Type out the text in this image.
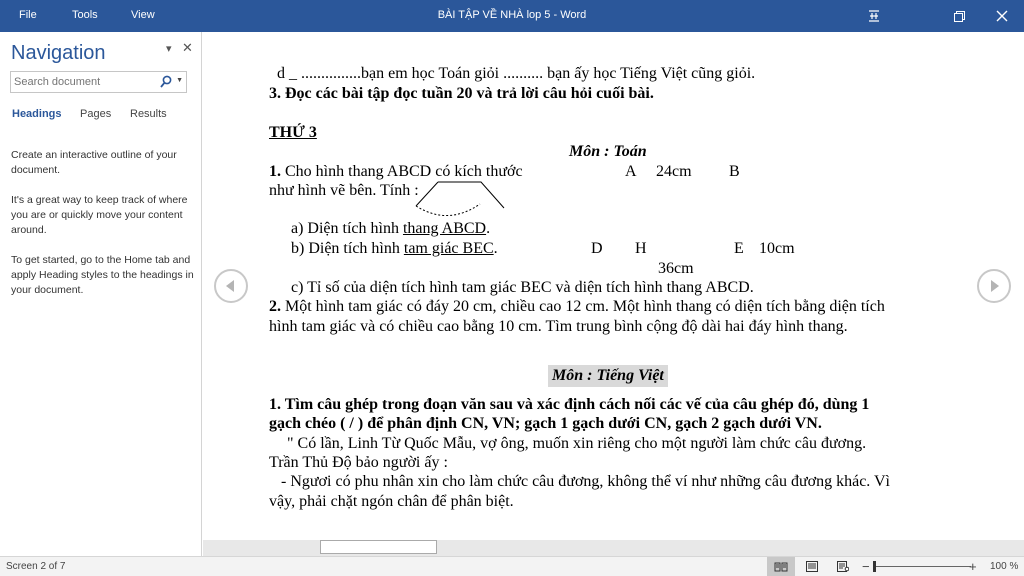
File	Tools	View	BÀI TẬP VỀ NHÀ lop 5 - Word
Navigation	▾ ✕
Search document
▼
Headings Pages Results
Create an interactive outline of your document.
It's a great way to keep track of where you are or quickly move your content around.
To get started, go to the Home tab and apply Heading styles to the headings in your document.
d _ ...............bạn em học Toán giỏi .......... bạn ấy học Tiếng Việt cũng giỏi.
3. Đọc các bài tập đọc tuần 20 và trả lời câu hỏi cuối bài.
THỨ 3
Môn : Toán
1. Cho hình thang ABCD có kích thước
như hình vẽ bên. Tính :
A 24cm B
a) Diện tích hình thang ABCD.
b) Diện tích hình tam giác BEC.	D H	E 10cm
36cm
c) Tỉ số của diện tích hình tam giác BEC và diện tích hình thang ABCD.
2. Một hình tam giác có đáy 20 cm, chiều cao 12 cm. Một hình thang có diện tích bằng diện tích
hình tam giác và có chiều cao bằng 10 cm. Tìm trung bình cộng độ dài hai đáy hình thang.
Môn : Tiếng Việt
1. Tìm câu ghép trong đoạn văn sau và xác định cách nối các vế của câu ghép đó, dùng 1
gạch chéo ( / ) để phân định CN, VN; gạch 1 gạch dưới CN, gạch 2 gạch dưới VN.
" Có lần, Linh Từ Quốc Mẫu, vợ ông, muốn xin riêng cho một người làm chức câu đương.
Trần Thủ Độ bảo người ấy :
- Ngươi có phu nhân xin cho làm chức câu đương, không thể ví như những câu đương khác. Vì
vậy, phải chặt ngón chân để phân biệt.
Screen 2 of 7	−	+ 100 %
